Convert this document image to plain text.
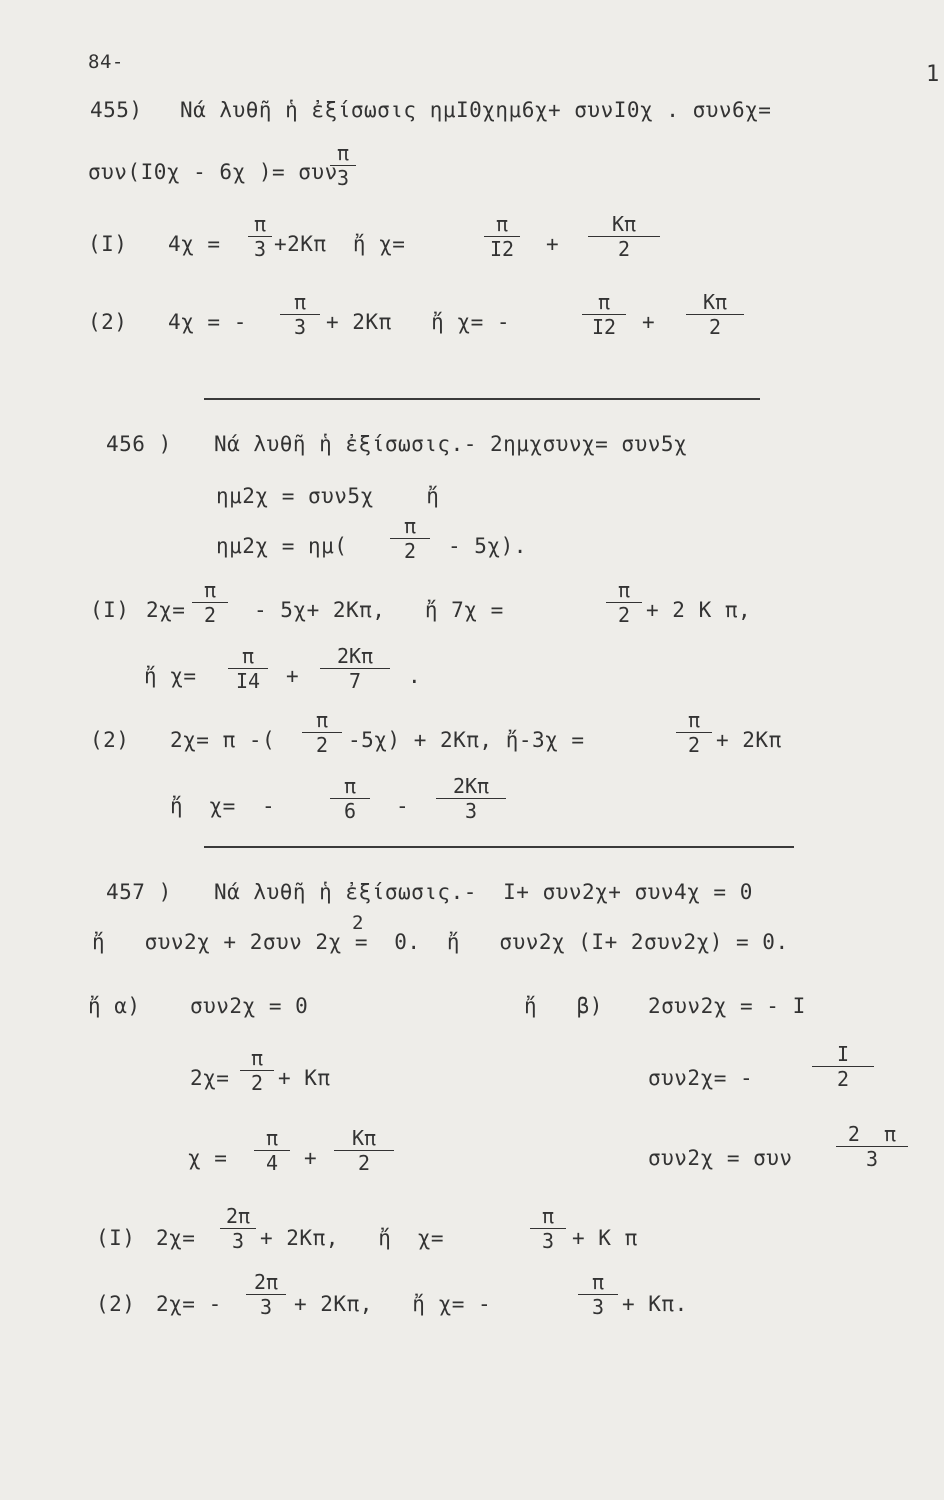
84-	1
455) Νά λυθῆ ἡ ἐξίσωσις ημΙ0χημ6χ+ συνΙ0χ . συν6χ=
συν(Ι0χ - 6χ )= συν
π
3
(Ι) 4χ =
π
3 +2Kπ  ἤ χ=
π
Ι2 +
Kπ
2
(2) 4χ = -
π
3 + 2Kπ   ἤ χ= -
π
Ι2	+
Kπ
2
456 ) Νά λυθῆ ἡ ἐξίσωσις.- 2ημχσυνχ= συν5χ
ημ2χ = συν5χ    ἤ
ημ2χ = ημ(
π
2	- 5χ).
(Ι) 2χ=
π
2	- 5χ+ 2Kπ,   ἤ 7χ =
π
2 + 2 K π,
ἤ χ=
π
Ι4	+
2Kπ
7	.
(2) 2χ= π -(
π
2 -5χ) + 2Kπ, ἤ-3χ =
π
2 + 2Kπ
ἤ  χ=  -
π
6	-
2Kπ
3
457 ) Νά λυθῆ ἡ ἐξίσωσις.-  Ι+ συν2χ+ συν4χ = 0
ἤ   συν2χ + 2συν 2χ =  0.  ἤ   συν2χ (Ι+ 2συν2χ) = 0.
2
ἤ α) συν2χ = 0	ἤ   β) 2συν2χ = - Ι
2χ=
π
2 + Kπ	συν2χ= -
Ι
2
χ =
π
4	+
Kπ
2	συν2χ = συν
2  π
3
(Ι) 2χ=
2π
3 + 2Kπ,   ἤ  χ=
π
3 + K π
(2) 2χ= -
2π
3	+ 2Kπ,   ἤ χ= -
π
3 + Kπ.
